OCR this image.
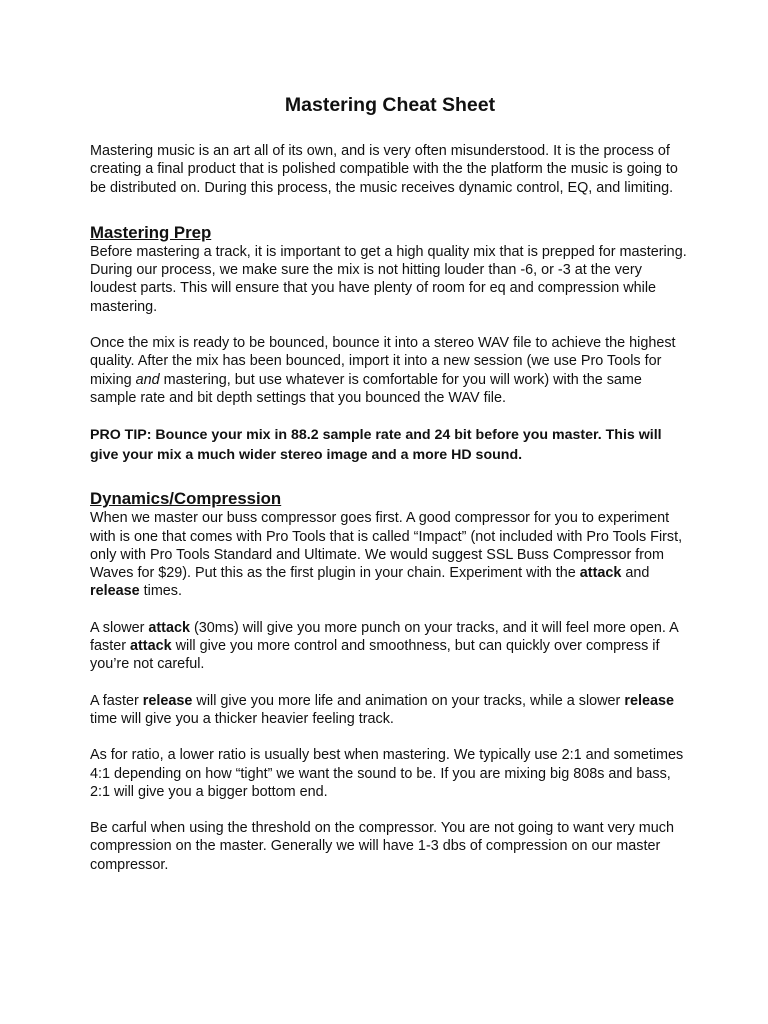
Mastering Cheat Sheet

Mastering music is an art all of its own, and is very often misunderstood. It is the process of creating a final product that is polished compatible with the the platform the music is going to be distributed on. During this process, the music receives dynamic control, EQ, and limiting.

Mastering Prep

Before mastering a track, it is important to get a high quality mix that is prepped for mastering. During our process, we make sure the mix is not hitting louder than -6, or -3 at the very loudest parts. This will ensure that you have plenty of room for eq and compression while mastering.

Once the mix is ready to be bounced, bounce it into a stereo WAV file to achieve the highest quality. After the mix has been bounced, import it into a new session (we use Pro Tools for mixing and mastering, but use whatever is comfortable for you will work) with the same sample rate and bit depth settings that you bounced the WAV file.

PRO TIP: Bounce your mix in 88.2 sample rate and 24 bit before you master. This will give your mix a much wider stereo image and a more HD sound.

Dynamics/Compression

When we master our buss compressor goes first. A good compressor for you to experiment with is one that comes with Pro Tools that is called “Impact” (not included with Pro Tools First, only with Pro Tools Standard and Ultimate. We would suggest SSL Buss Compressor from Waves for $29). Put this as the first plugin in your chain. Experiment with the attack and release times.

A slower attack (30ms) will give you more punch on your tracks, and it will feel more open. A faster attack will give you more control and smoothness, but can quickly over compress if you’re not careful.

A faster release will give you more life and animation on your tracks, while a slower release time will give you a thicker heavier feeling track.

As for ratio, a lower ratio is usually best when mastering. We typically use 2:1 and sometimes 4:1 depending on how “tight” we want the sound to be. If you are mixing big 808s and bass, 2:1 will give you a bigger bottom end.

Be carful when using the threshold on the compressor. You are not going to want very much compression on the master. Generally we will have 1-3 dbs of compression on our master compressor.
